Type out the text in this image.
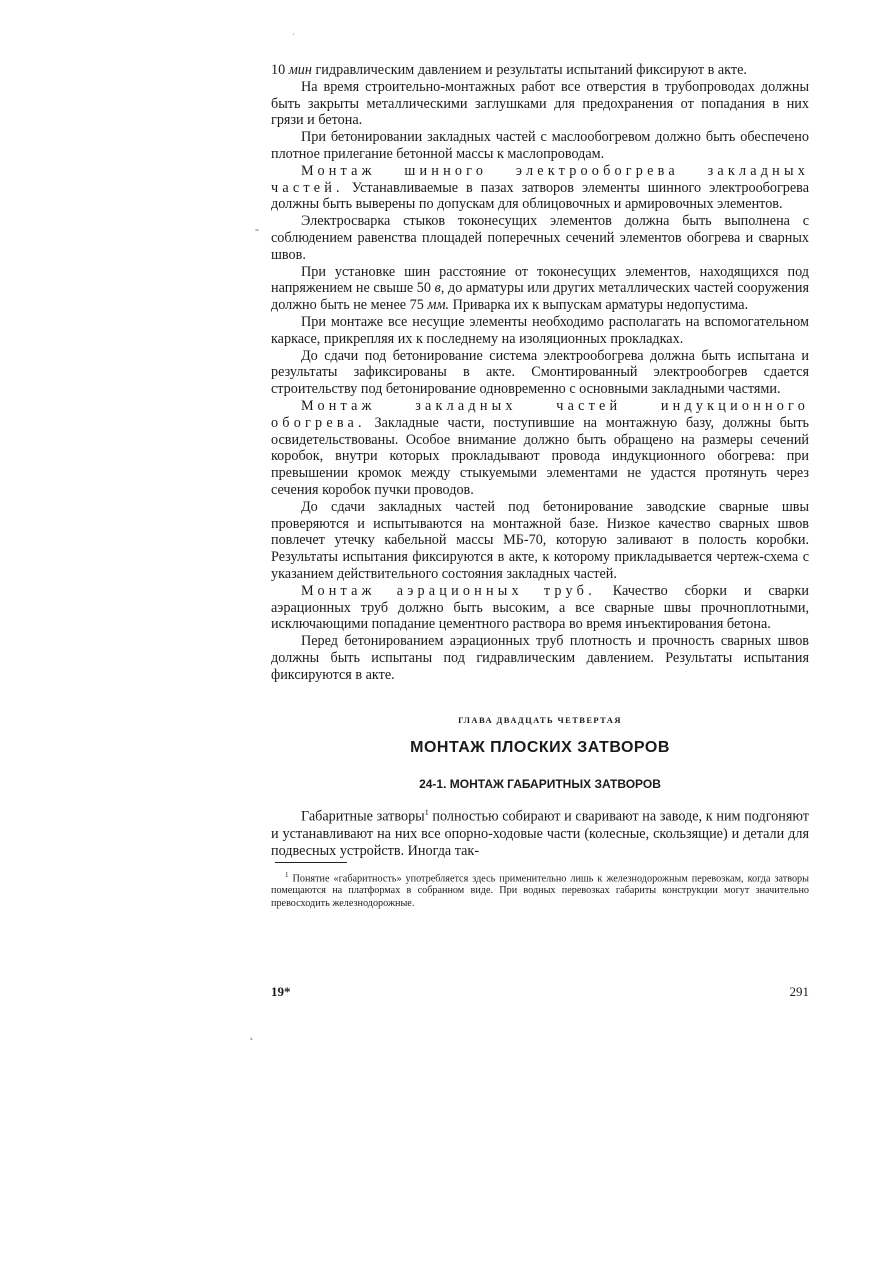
·
‑
˛

10 мин гидравлическим давлением и результаты испытаний фиксируют в акте.

На время строительно-монтажных работ все отверстия в трубопроводах должны быть закрыты металлическими заглушками для предохранения от попадания в них грязи и бетона.

При бетонировании закладных частей с маслообогревом должно быть обеспечено плотное прилегание бетонной массы к маслопроводам.

Монтаж шинного электрообогрева закладных частей. Устанавливаемые в пазах затворов элементы шинного электрообогрева должны быть выверены по допускам для облицовочных и армировочных элементов.

Электросварка стыков токонесущих элементов должна быть выполнена с соблюдением равенства площадей поперечных сечений элементов обогрева и сварных швов.

При установке шин расстояние от токонесущих элементов, находящихся под напряжением не свыше 50 в, до арматуры или других металлических частей сооружения должно быть не менее 75 мм. Приварка их к выпускам арматуры недопустима.

При монтаже все несущие элементы необходимо располагать на вспомогательном каркасе, прикрепляя их к последнему на изоляционных прокладках.

До сдачи под бетонирование система электрообогрева должна быть испытана и результаты зафиксированы в акте. Смонтированный электрообогрев сдается строительству под бетонирование одновременно с основными закладными частями.

Монтаж закладных частей индукционного обогрева. Закладные части, поступившие на монтажную базу, должны быть освидетельствованы. Особое внимание должно быть обращено на размеры сечений коробок, внутри которых прокладывают провода индукционного обогрева: при превышении кромок между стыкуемыми элементами не удастся протянуть через сечения коробок пучки проводов.

До сдачи закладных частей под бетонирование заводские сварные швы проверяются и испытываются на монтажной базе. Низкое качество сварных швов повлечет утечку кабельной массы МБ-70, которую заливают в полость коробки. Результаты испытания фиксируются в акте, к которому прикладывается чертеж-схема с указанием действительного состояния закладных частей.

Монтаж аэрационных труб. Качество сборки и сварки аэрационных труб должно быть высоким, а все сварные швы прочноплотными, исключающими попадание цементного раствора во время инъектирования бетона.

Перед бетонированием аэрационных труб плотность и прочность сварных швов должны быть испытаны под гидравлическим давлением. Результаты испытания фиксируются в акте.

ГЛАВА ДВАДЦАТЬ ЧЕТВЕРТАЯ
МОНТАЖ ПЛОСКИХ ЗАТВОРОВ
24-1. МОНТАЖ ГАБАРИТНЫХ ЗАТВОРОВ

Габаритные затворы$^1$ полностью собирают и сваривают на заводе, к ним подгоняют и устанавливают на них все опорно-ходовые части (колесные, скользящие) и детали для подвесных устройств. Иногда так-

$^1$ Понятие «габаритность» употребляется здесь применительно лишь к железнодорожным перевозкам, когда затворы помещаются на платформах в собранном виде. При водных перевозках габариты конструкции могут значительно превосходить железнодорожные.

19*	291
